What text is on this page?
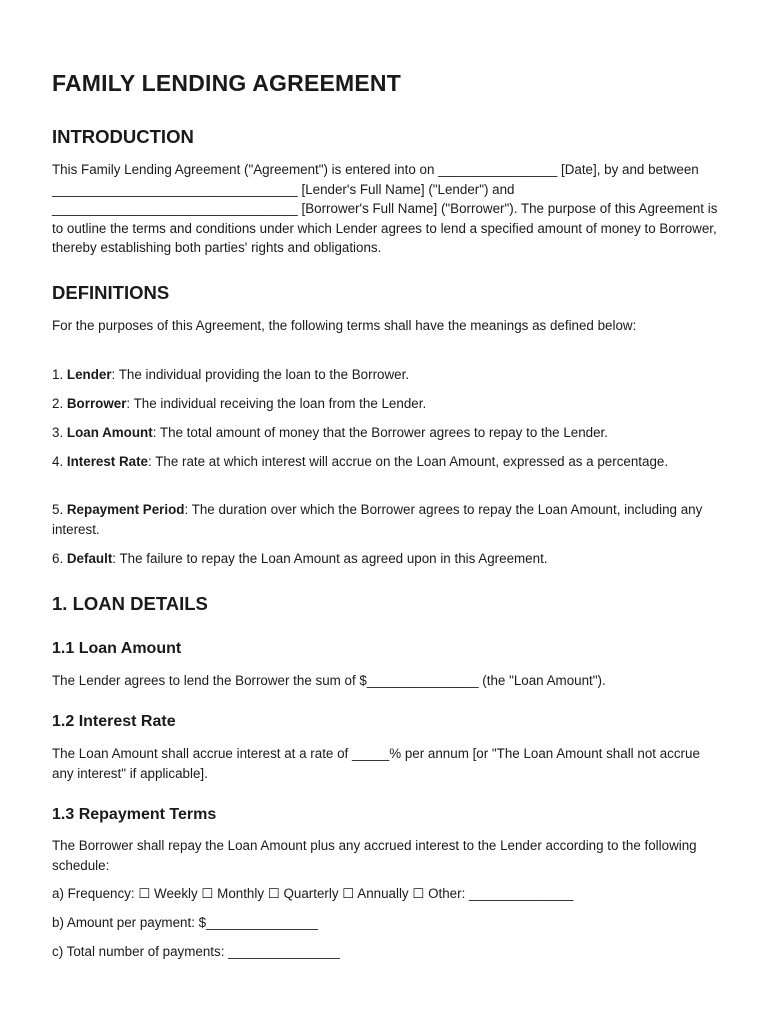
FAMILY LENDING AGREEMENT
INTRODUCTION

This Family Lending Agreement ("Agreement") is entered into on ________________ [Date], by and between _________________________________ [Lender's Full Name] ("Lender") and _________________________________ [Borrower's Full Name] ("Borrower"). The purpose of this Agreement is to outline the terms and conditions under which Lender agrees to lend a specified amount of money to Borrower, thereby establishing both parties' rights and obligations.

DEFINITIONS

For the purposes of this Agreement, the following terms shall have the meanings as defined below:

1. Lender: The individual providing the loan to the Borrower.

2. Borrower: The individual receiving the loan from the Lender.

3. Loan Amount: The total amount of money that the Borrower agrees to repay to the Lender.

4. Interest Rate: The rate at which interest will accrue on the Loan Amount, expressed as a percentage.

5. Repayment Period: The duration over which the Borrower agrees to repay the Loan Amount, including any interest.

6. Default: The failure to repay the Loan Amount as agreed upon in this Agreement.

1. LOAN DETAILS
1.1 Loan Amount

The Lender agrees to lend the Borrower the sum of $_______________ (the "Loan Amount").

1.2 Interest Rate

The Loan Amount shall accrue interest at a rate of _____% per annum [or "The Loan Amount shall not accrue any interest" if applicable].

1.3 Repayment Terms

The Borrower shall repay the Loan Amount plus any accrued interest to the Lender according to the following schedule:

a) Frequency: ☐ Weekly ☐ Monthly ☐ Quarterly ☐ Annually ☐ Other: ______________

b) Amount per payment: $_______________

c) Total number of payments: _______________
